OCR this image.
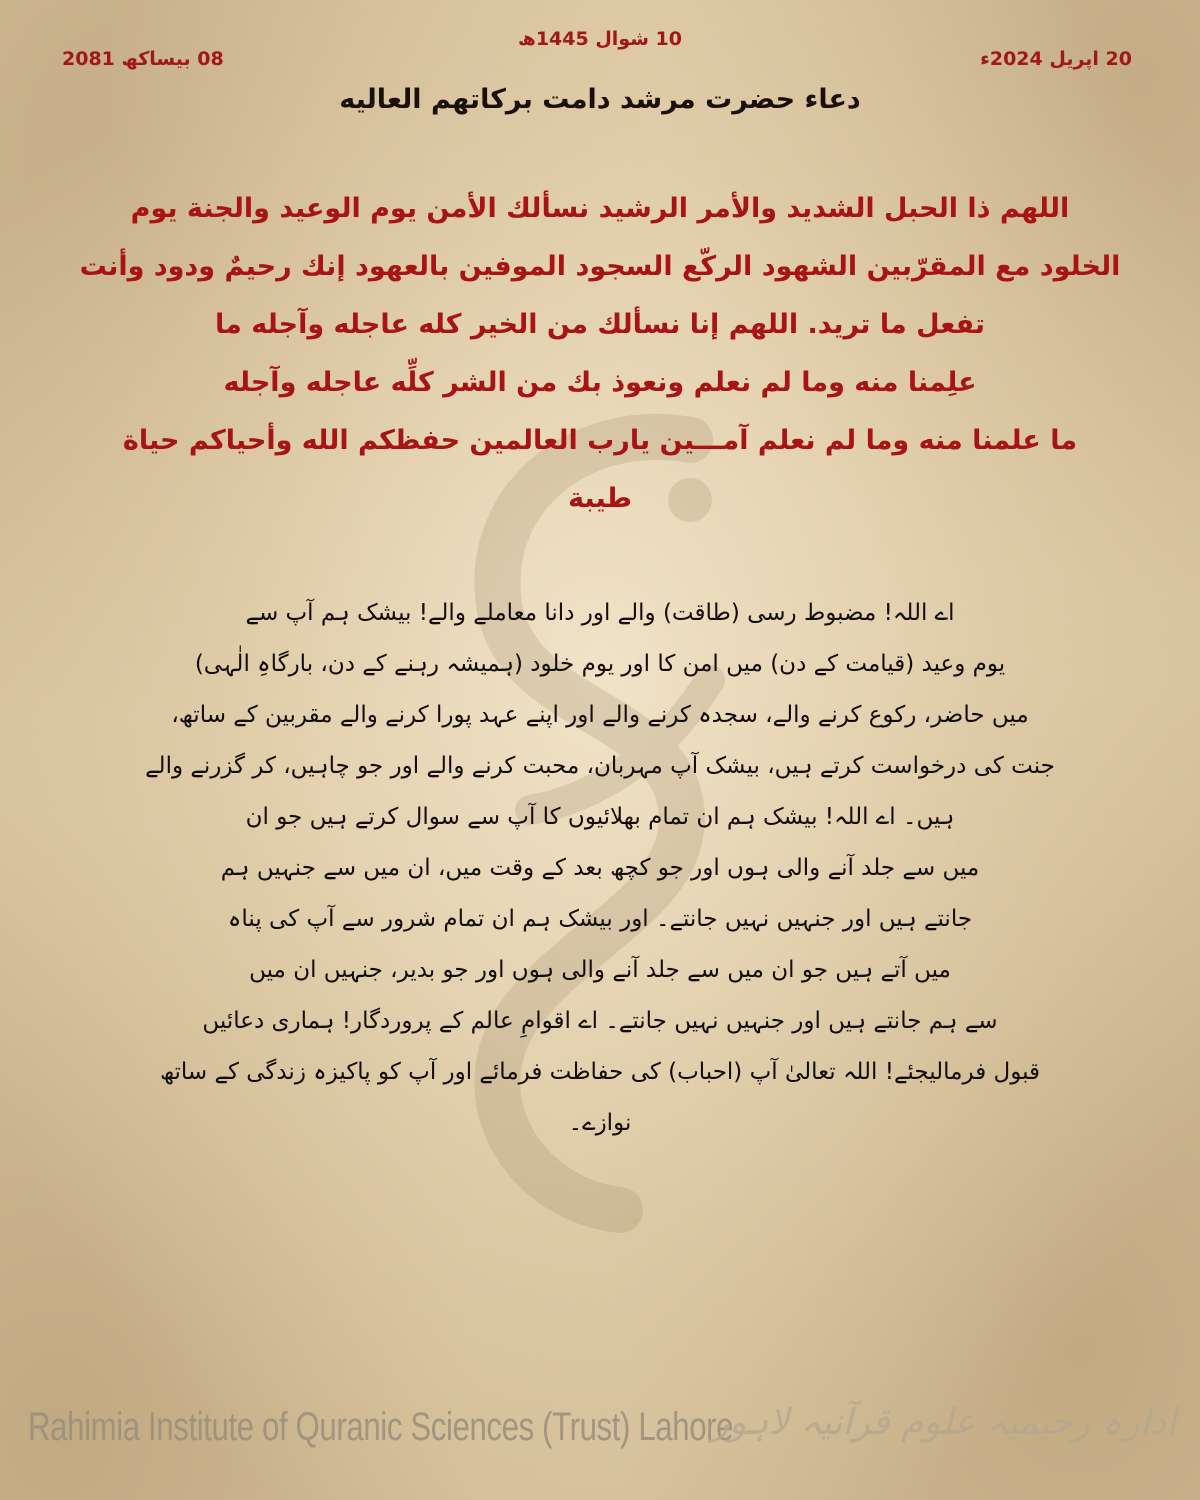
10 شوال 1445ھ
20 اپریل 2024ء
08 بیساکھ 2081
دعاء حضرت مرشد دامت برکاتهم العالیه
اللهم ذا الحبل الشديد والأمر الرشيد نسألك الأمن يوم الوعيد والجنة يوم
الخلود مع المقرّبين الشهود الركّع السجود الموفين بالعهود إنك رحيمٌ ودود وأنت
تفعل ما تريد. اللهم إنا نسألك من الخير كله عاجله وآجله ما
علِمنا منه وما لم نعلم ونعوذ بك من الشر كلِّه عاجله وآجله
ما علمنا منه وما لم نعلم آمـــين يارب العالمين حفظكم الله وأحياكم حياة
طيبة
اے اللہ! مضبوط رسی (طاقت) والے اور دانا معاملے والے! بیشک ہم آپ سے
یوم وعید (قیامت کے دن) میں امن کا اور یوم خلود (ہمیشہ رہنے کے دن، بارگاہِ الٰہی)
میں حاضر، رکوع کرنے والے، سجدہ کرنے والے اور اپنے عہد پورا کرنے والے مقربین کے ساتھ،
جنت کی درخواست کرتے ہیں، بیشک آپ مہربان، محبت کرنے والے اور جو چاہیں، کر گزرنے والے
ہیں۔ اے اللہ! بیشک ہم ان تمام بھلائیوں کا آپ سے سوال کرتے ہیں جو ان
میں سے جلد آنے والی ہوں اور جو کچھ بعد کے وقت میں، ان میں سے جنہیں ہم
جانتے ہیں اور جنہیں نہیں جانتے۔ اور بیشک ہم ان تمام شرور سے آپ کی پناہ
میں آتے ہیں جو ان میں سے جلد آنے والی ہوں اور جو بدیر، جنہیں ان میں
سے ہم جانتے ہیں اور جنہیں نہیں جانتے۔ اے اقوامِ عالم کے پروردگار! ہماری دعائیں
قبول فرمالیجئے! اللہ تعالیٰ آپ (احباب) کی حفاظت فرمائے اور آپ کو پاکیزہ زندگی کے ساتھ
نوازے۔
Rahimia Institute of Quranic Sciences (Trust) Lahore
ادارہ رحیمیہ علوم قرآنیہ لاہور
